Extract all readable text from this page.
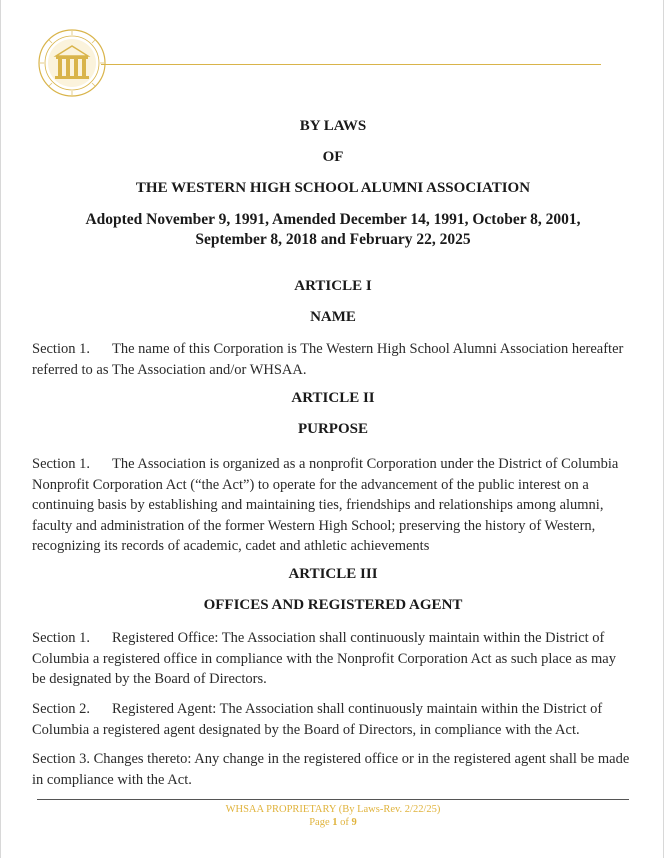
BY LAWS
OF
THE WESTERN HIGH SCHOOL ALUMNI ASSOCIATION
Adopted November 9, 1991, Amended December 14, 1991, October 8, 2001,
September 8, 2018 and February 22, 2025
ARTICLE I
NAME

Section 1. The name of this Corporation is The Western High School Alumni Association hereafter referred to as The Association and/or WHSAA.

ARTICLE II
PURPOSE

Section 1. The Association is organized as a nonprofit Corporation under the District of Columbia Nonprofit Corporation Act (“the Act”) to operate for the advancement of the public interest on a continuing basis by establishing and maintaining ties, friendships and relationships among alumni, faculty and administration of the former Western High School; preserving the history of Western, recognizing its records of academic, cadet and athletic achievements

ARTICLE III
OFFICES AND REGISTERED AGENT

Section 1. Registered Office: The Association shall continuously maintain within the District of Columbia a registered office in compliance with the Nonprofit Corporation Act as such place as may be designated by the Board of Directors.

Section 2. Registered Agent: The Association shall continuously maintain within the District of Columbia a registered agent designated by the Board of Directors, in compliance with the Act.

Section 3. Changes thereto: Any change in the registered office or in the registered agent shall be made in compliance with the Act.

WHSAA PROPRIETARY (By Laws-Rev. 2/22/25)
Page 1 of 9
